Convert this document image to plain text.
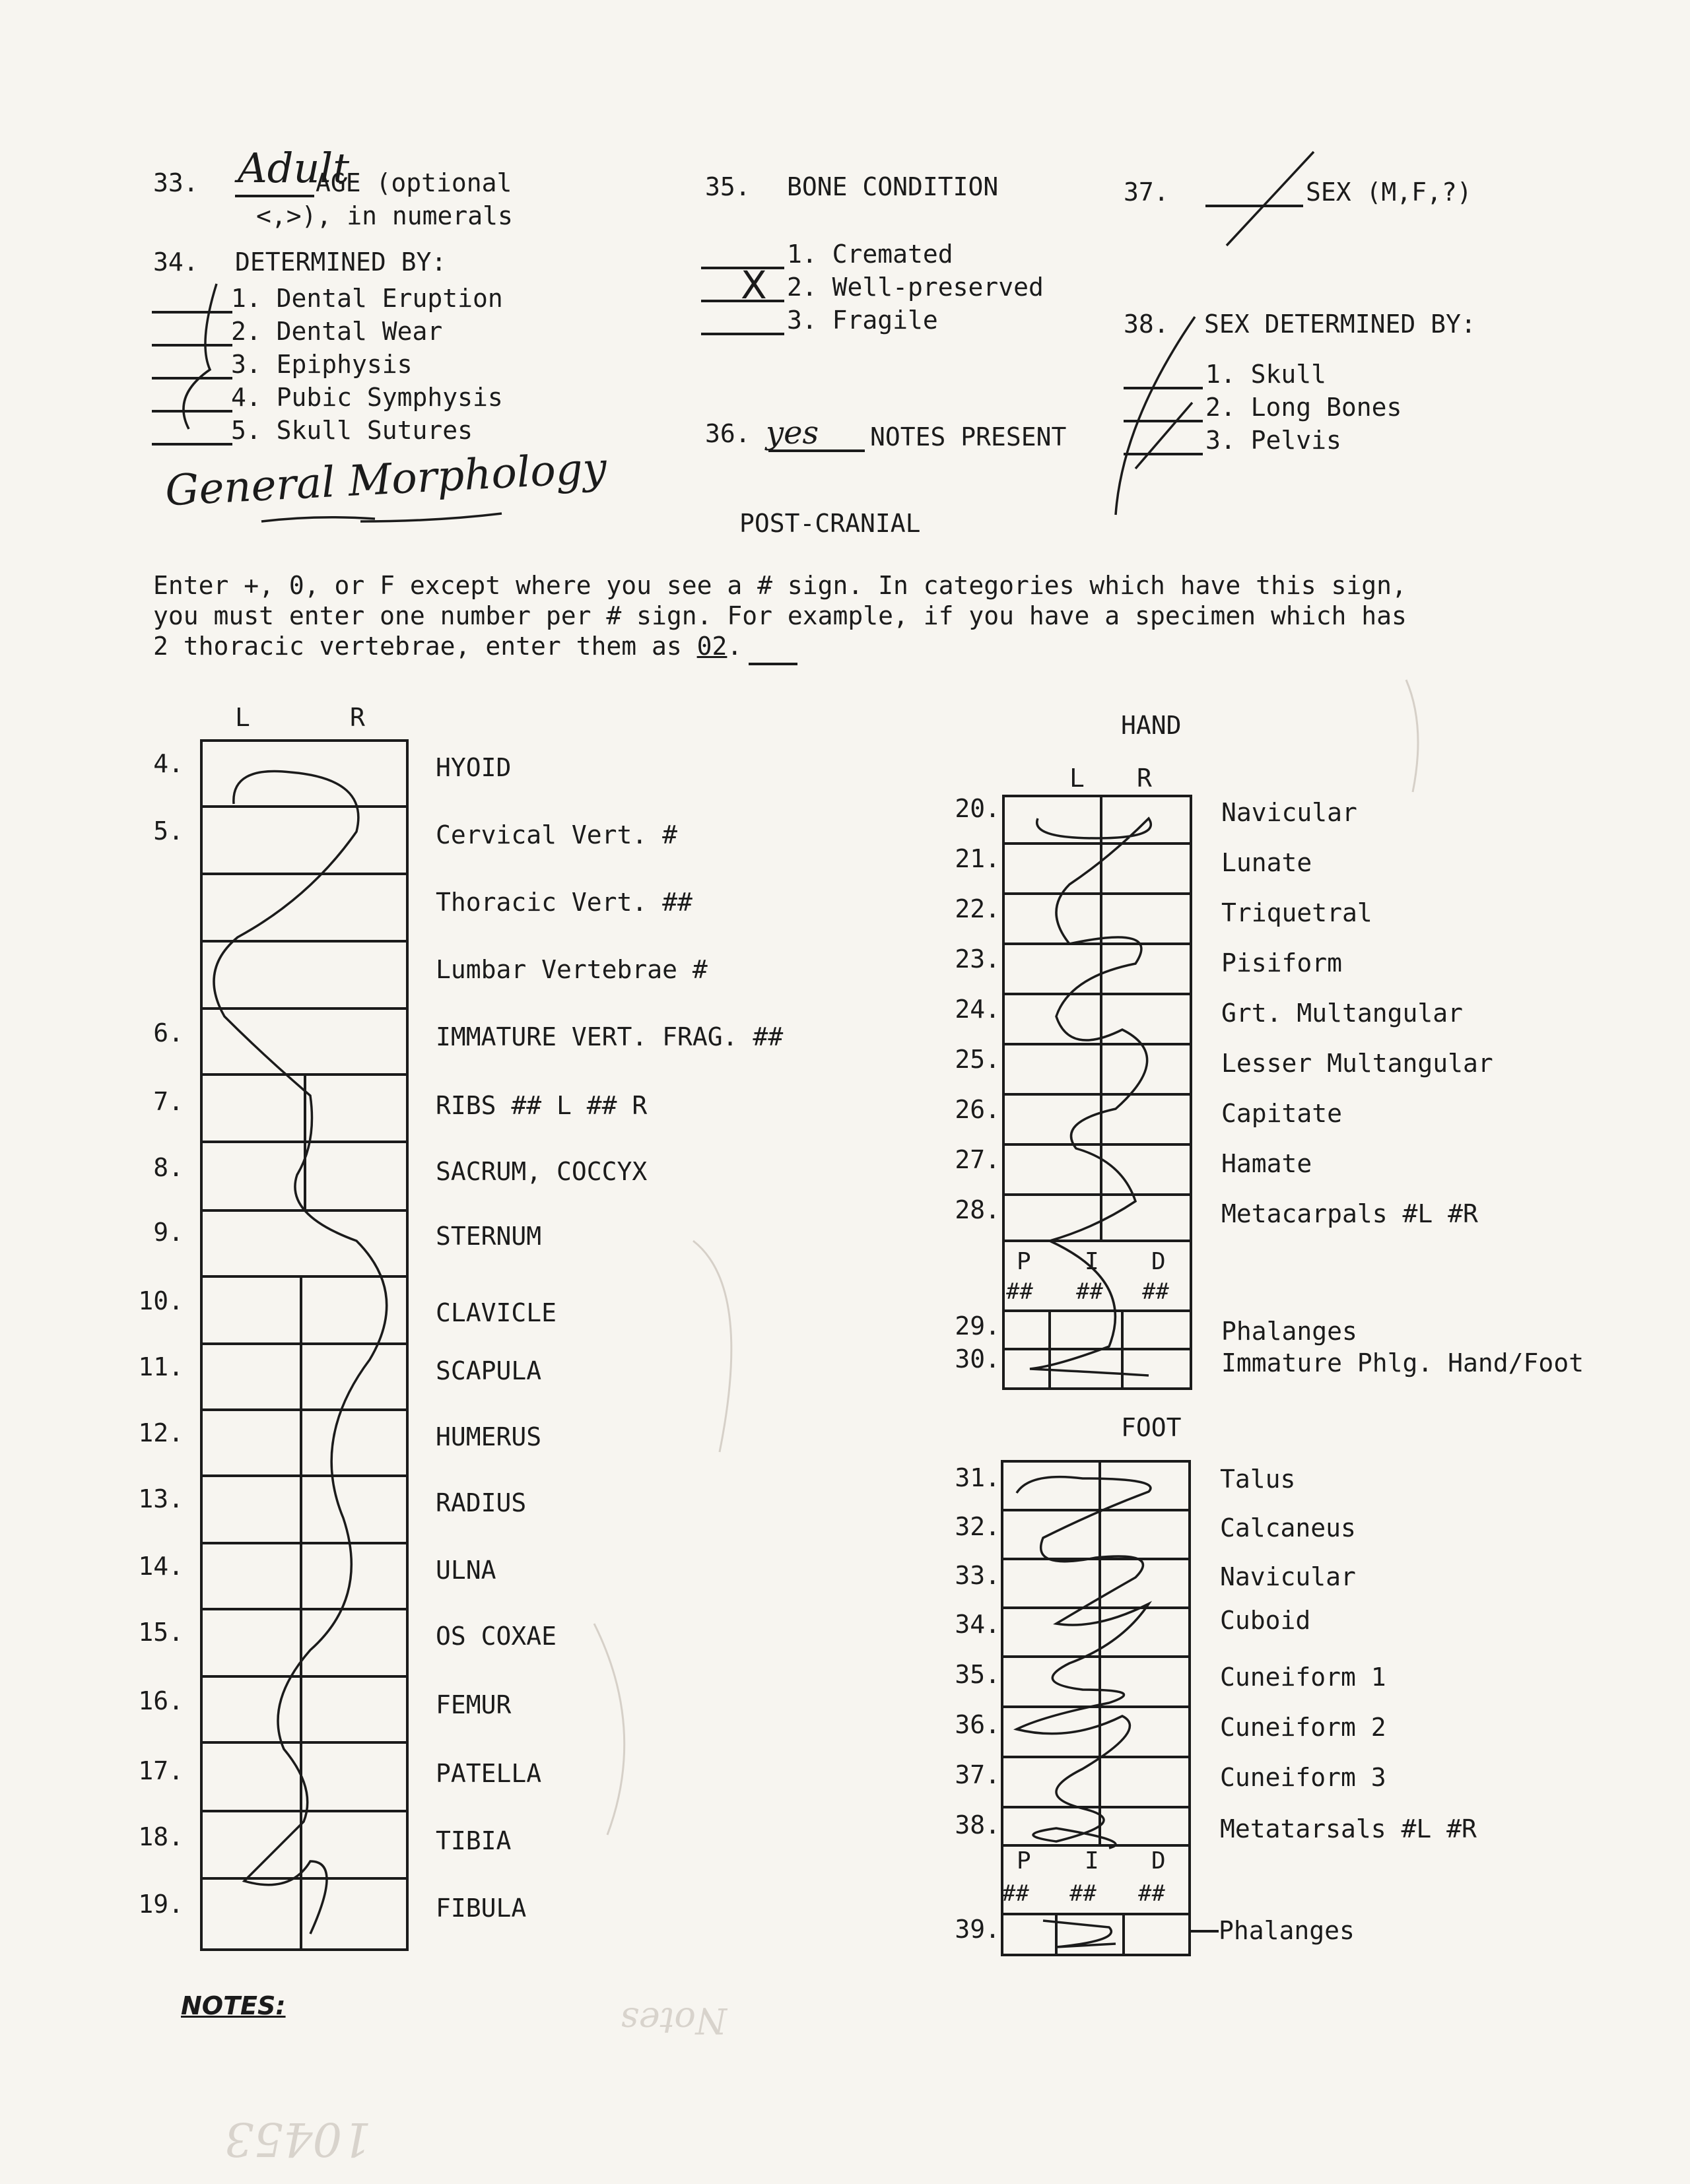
33. Adult
AGE (optional
<,>), in numerals
34. DETERMINED BY:
1. Dental Eruption
2. Dental Wear
3. Epiphysis
4. Pubic Symphysis
5. Skull Sutures
General Morphology
35. BONE CONDITION
1. Cremated
2. Well-preserved
3. Fragile
X
36. yes NOTES PRESENT
37.	SEX (M,F,?)
38. SEX DETERMINED BY:
1. Skull
2. Long Bones
3. Pelvis
POST-CRANIAL
Enter +, 0, or F except where you see a # sign. In categories which have this sign,
you must enter one number per # sign. For example, if you have a specimen which has
2 thoracic vertebrae, enter them as 02.
L	R
4.	HYOID
5.	Cervical Vert. #
Thoracic Vert. ##
Lumbar Vertebrae #
6.	IMMATURE VERT. FRAG. ##
7.	RIBS ## L ## R
8.	SACRUM, COCCYX
9.	STERNUM
10.	CLAVICLE
11.	SCAPULA
12.	HUMERUS
13.	RADIUS
14.	ULNA
15.	OS COXAE
16.	FEMUR
17.	PATELLA
18.	TIBIA
19.	FIBULA
HAND
L R
20.	Navicular
21.	Lunate
22.	Triquetral
23.	Pisiform
24.	Grt. Multangular
25.	Lesser Multangular
26.	Capitate
27.	Hamate
28.	Metacarpals #L #R
P I D
## ## ##
29.	Phalanges
30.	Immature Phlg. Hand/Foot
FOOT
31.	Talus
32.	Calcaneus
33.	Navicular
34.	Cuboid
35.	Cuneiform 1
36.	Cuneiform 2
37.	Cuneiform 3
38.	Metatarsals #L #R
P I D
## ## ##
39.	Phalanges
NOTES:	Notes
10453
